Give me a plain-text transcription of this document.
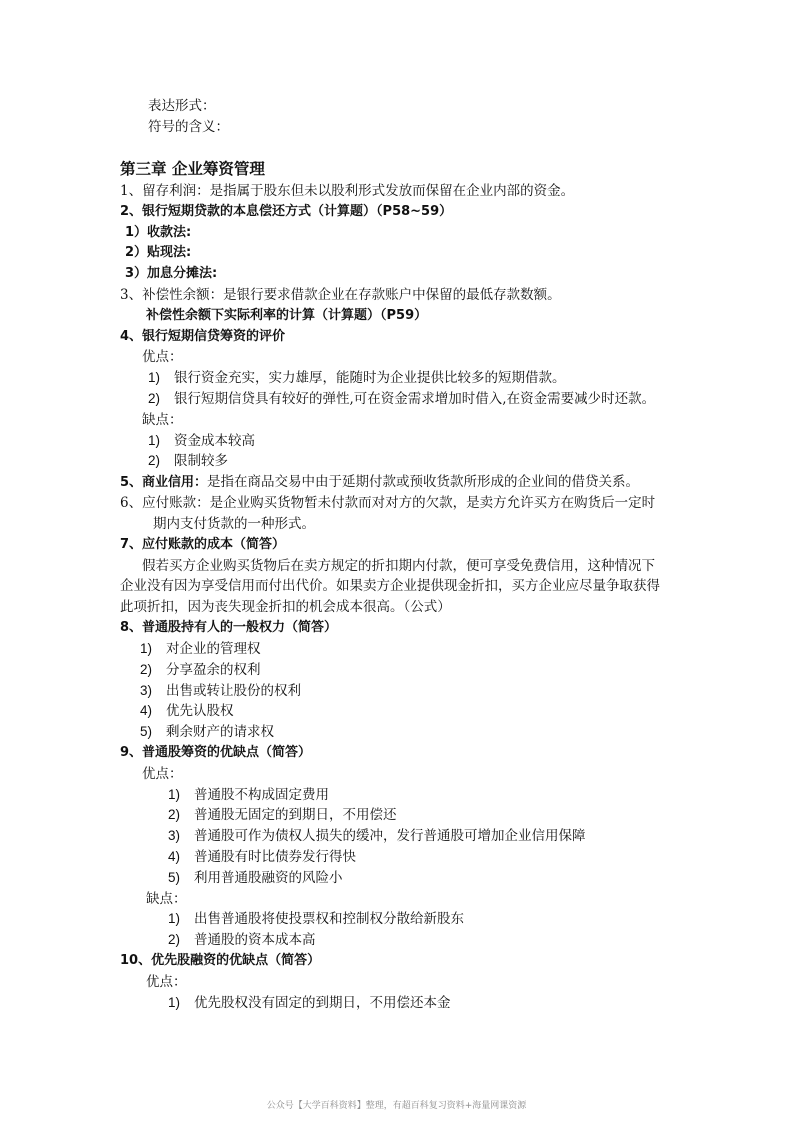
表达形式：
符号的含义：
第三章 企业筹资管理
1、留存利润：是指属于股东但未以股利形式发放而保留在企业内部的资金。
2、银行短期贷款的本息偿还方式（计算题）（P58~59）
1）收款法:
2）贴现法:
3）加息分摊法:
3、补偿性余额：是银行要求借款企业在存款账户中保留的最低存款数额。
补偿性余额下实际利率的计算（计算题）（P59）
4、银行短期信贷筹资的评价
优点：
1) 银行资金充实，实力雄厚，能随时为企业提供比较多的短期借款。
2) 银行短期信贷具有较好的弹性,可在资金需求增加时借入,在资金需要减少时还款。
缺点：
1) 资金成本较高
2) 限制较多
5、商业信用：是指在商品交易中由于延期付款或预收货款所形成的企业间的借贷关系。
6、应付账款：是企业购买货物暂未付款而对对方的欠款，是卖方允许买方在购货后一定时
期内支付货款的一种形式。
7、应付账款的成本（简答）
假若买方企业购买货物后在卖方规定的折扣期内付款，便可享受免费信用，这种情况下
企业没有因为享受信用而付出代价。如果卖方企业提供现金折扣，买方企业应尽量争取获得
此项折扣，因为丧失现金折扣的机会成本很高。（公式）
8、普通股持有人的一般权力（简答）
1) 对企业的管理权
2) 分享盈余的权利
3) 出售或转让股份的权利
4) 优先认股权
5) 剩余财产的请求权
9、普通股筹资的优缺点（简答）
优点：
1) 普通股不构成固定费用
2) 普通股无固定的到期日，不用偿还
3) 普通股可作为债权人损失的缓冲，发行普通股可增加企业信用保障
4) 普通股有时比债券发行得快
5) 利用普通股融资的风险小
缺点：
1) 出售普通股将使投票权和控制权分散给新股东
2) 普通股的资本成本高
10、优先股融资的优缺点（简答）
优点：
1) 优先股权没有固定的到期日，不用偿还本金
公众号【大学百科资料】整理，有超百科复习资料+海量网课资源
